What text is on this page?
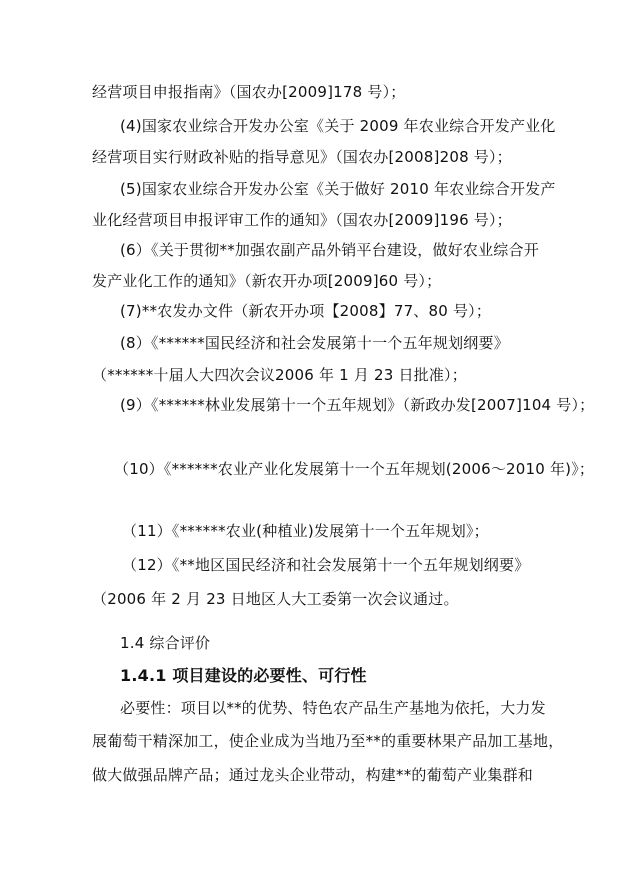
经营项目申报指南》（国农办[2009]178 号）；
(4)国家农业综合开发办公室《关于 2009 年农业综合开发产业化
经营项目实行财政补贴的指导意见》（国农办[2008]208 号）；
(5)国家农业综合开发办公室《关于做好 2010 年农业综合开发产
业化经营项目申报评审工作的通知》（国农办[2009]196 号）；
(6）《关于贯彻**加强农副产品外销平台建设，做好农业综合开
发产业化工作的通知》（新农开办项[2009]60 号）；
(7)**农发办文件（新农开办项【2008】77、80 号）；
(8）《******国民经济和社会发展第十一个五年规划纲要》
（******十届人大四次会议2006 年 1 月 23 日批准）；
(9）《******林业发展第十一个五年规划》（新政办发[2007]104 号）；
（10）《******农业产业化发展第十一个五年规划(2006～2010 年)》；
（11）《******农业(种植业)发展第十一个五年规划》；
（12）《**地区国民经济和社会发展第十一个五年规划纲要》
（2006 年 2 月 23 日地区人大工委第一次会议通过。
1.4 综合评价
1.4.1 项目建设的必要性、可行性
必要性：项目以**的优势、特色农产品生产基地为依托，大力发
展葡萄干精深加工，使企业成为当地乃至**的重要林果产品加工基地，
做大做强品牌产品；通过龙头企业带动，构建**的葡萄产业集群和
